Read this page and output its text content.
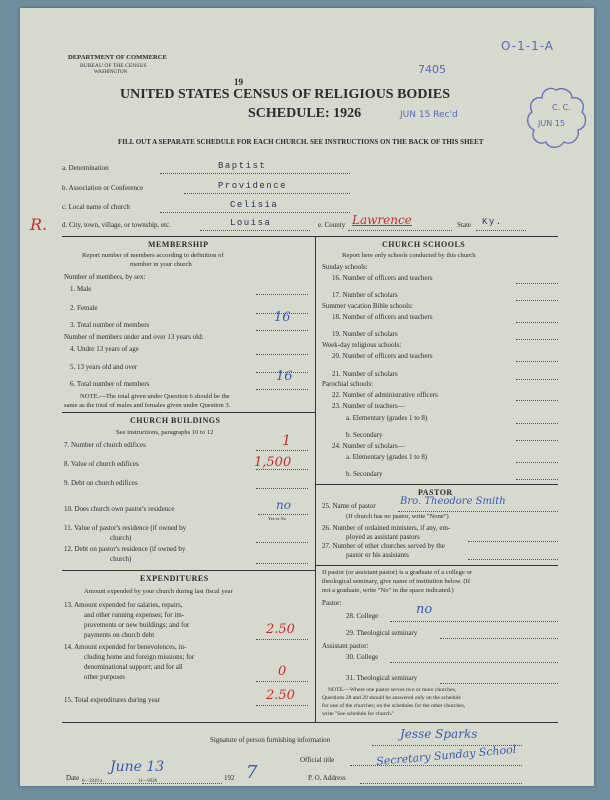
DEPARTMENT OF COMMERCE
BUREAU OF THE CENSUS
WASHINGTON
O-1-1-A
7405
19
UNITED STATES CENSUS OF RELIGIOUS BODIES
SCHEDULE: 1926	JUN 15 Rec'd
C. C.
JUN 15
FILL OUT A SEPARATE SCHEDULE FOR EACH CHURCH. SEE INSTRUCTIONS ON THE BACK OF THIS SHEET
a. Denomination	Baptist
b. Association or Conference	Providence
c. Local name of church	Celisia
R. d. City, town, village, or township, etc.	Louisa	e. County Lawrence	State Ky.
MEMBERSHIP
Report number of members according to definition of
member in your church
Number of members, by sex:
1. Male
2. Female
3. Total number of members	16
Number of members under and over 13 years old:
4. Under 13 years of age
5. 13 years old and over
6. Total number of members	16
NOTE.—The total given under Question 6 should be the
same as the total of males and females given under Question 3.
CHURCH BUILDINGS
See instructions, paragraphs 10 to 12
7. Number of church edifices	1
8. Value of church edifices	1,500
9. Debt on church edifices
10. Does church own pastor's residence	no
Yes or No
11. Value of pastor's residence (if owned by
church)
12. Debt on pastor's residence (if owned by
church)
EXPENDITURES
Amount expended by your church during last fiscal year
13. Amount expended for salaries, repairs,
and other running expenses; for im-
provements or new buildings; and for
payments on church debt	2.50
14. Amount expended for benevolences, in-
cluding home and foreign missions; for
denominational support; and for all
other purposes	0
15. Total expenditures during year	2.50
CHURCH SCHOOLS
Report here only schools conducted by this church
Sunday schools:
16. Number of officers and teachers
17. Number of scholars
Summer vacation Bible schools:
18. Number of officers and teachers
19. Number of scholars
Week-day religious schools:
20. Number of officers and teachers
21. Number of scholars
Parochial schools:
22. Number of administrative officers
23. Number of teachers—
a. Elementary (grades 1 to 8)
b. Secondary
24. Number of scholars—
a. Elementary (grades 1 to 8)
b. Secondary
PASTOR
25. Name of pastor Bro. Theodore Smith
(If church has no pastor, write "None")
26. Number of ordained ministers, if any, em-
ployed as assistant pastors
27. Number of other churches served by the
pastor or his assistants
If pastor (or assistant pastor) is a graduate of a college or
theological seminary, give name of institution below. (If
not a graduate, write "No" in the space indicated.)
Pastor:
28. College	no
29. Theological seminary
Assistant pastor:
30. College
31. Theological seminary
NOTE.—Where one pastor serves two or more churches,
Questions 28 and 29 should be answered only on the schedule
for one of the churches; on the schedules for the other churches,
write "See schedule for church."
Signature of person furnishing information	Jesse Sparks
Official title	Secretary Sunday School
Date
June 13
192 7	P. O. Address
6—3319 a	11—9926
